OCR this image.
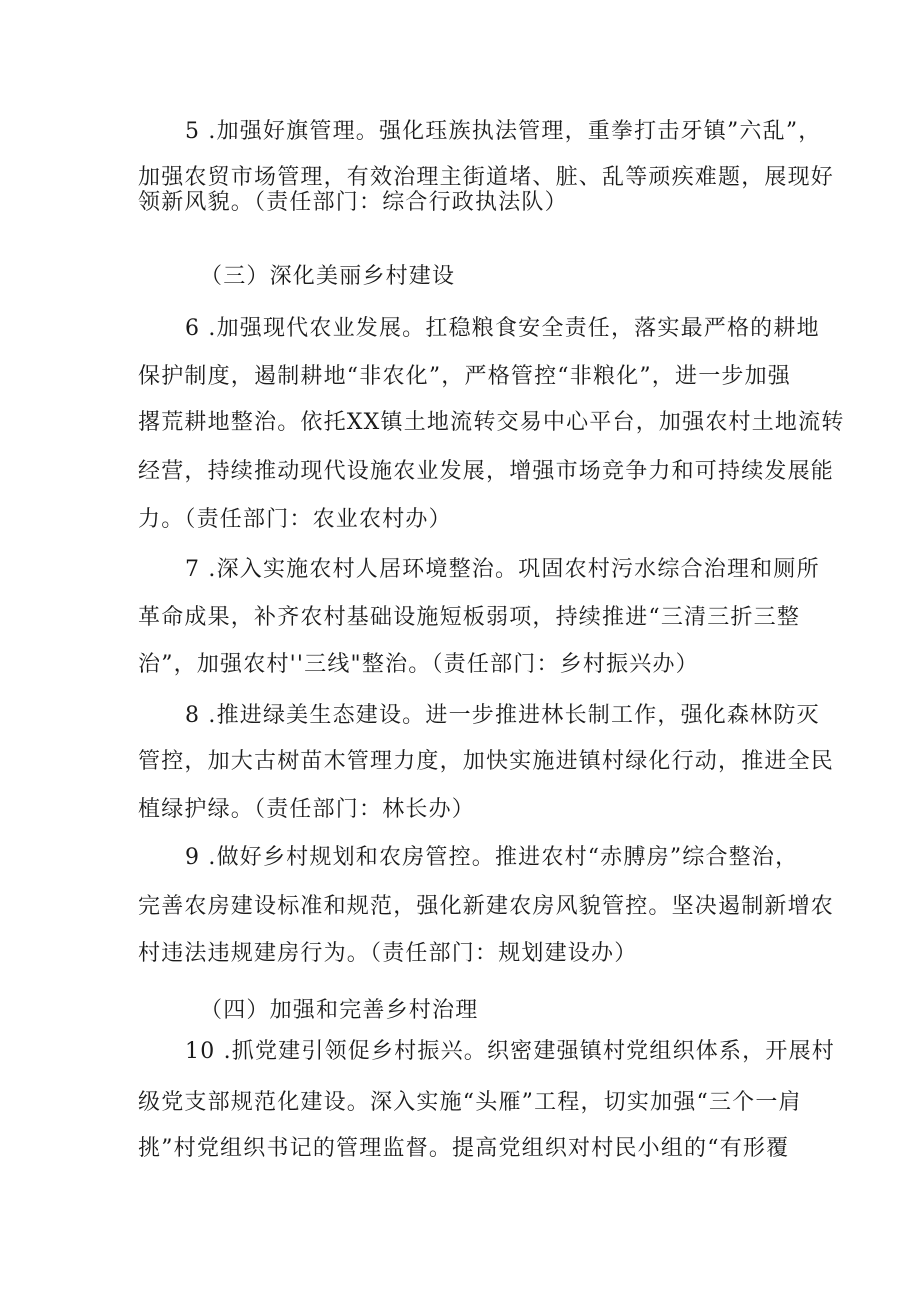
5 .加强好旗管理。强化珏族执法管理，重拳打击牙镇”六乱”，
加强农贸市场管理，有效治理主街道堵、脏、乱等顽疾难题，展现好
领新风貌。（责任部门：综合行政执法队）
（三）深化美丽乡村建设
6 .加强现代农业发展。扛稳粮食安全责任，落实最严格的耕地
保护制度，遏制耕地“非农化”，严格管控“非粮化”，进一步加强
撂荒耕地整治。依托XX镇土地流转交易中心平台，加强农村土地流转
经营，持续推动现代设施农业发展，增强市场竞争力和可持续发展能
力。（责任部门：农业农村办）
7 .深入实施农村人居环境整治。巩固农村污水综合治理和厕所
革命成果，补齐农村基础设施短板弱项，持续推进“三清三折三整
治”，加强农村''三线"整治。（责任部门：乡村振兴办）
8 .推进绿美生态建设。进一步推进林长制工作，强化森林防灭
管控，加大古树苗木管理力度，加快实施进镇村绿化行动，推进全民
植绿护绿。（责任部门：林长办）
9 .做好乡村规划和农房管控。推进农村“赤膊房”综合整治，
完善农房建设标准和规范，强化新建农房风貌管控。坚决遏制新增农
村违法违规建房行为。（责任部门：规划建设办）
（四）加强和完善乡村治理
10 .抓党建引领促乡村振兴。织密建强镇村党组织体系，开展村
级党支部规范化建设。深入实施“头雁”工程，切实加强“三个一肩
挑”村党组织书记的管理监督。提高党组织对村民小组的“有形覆
